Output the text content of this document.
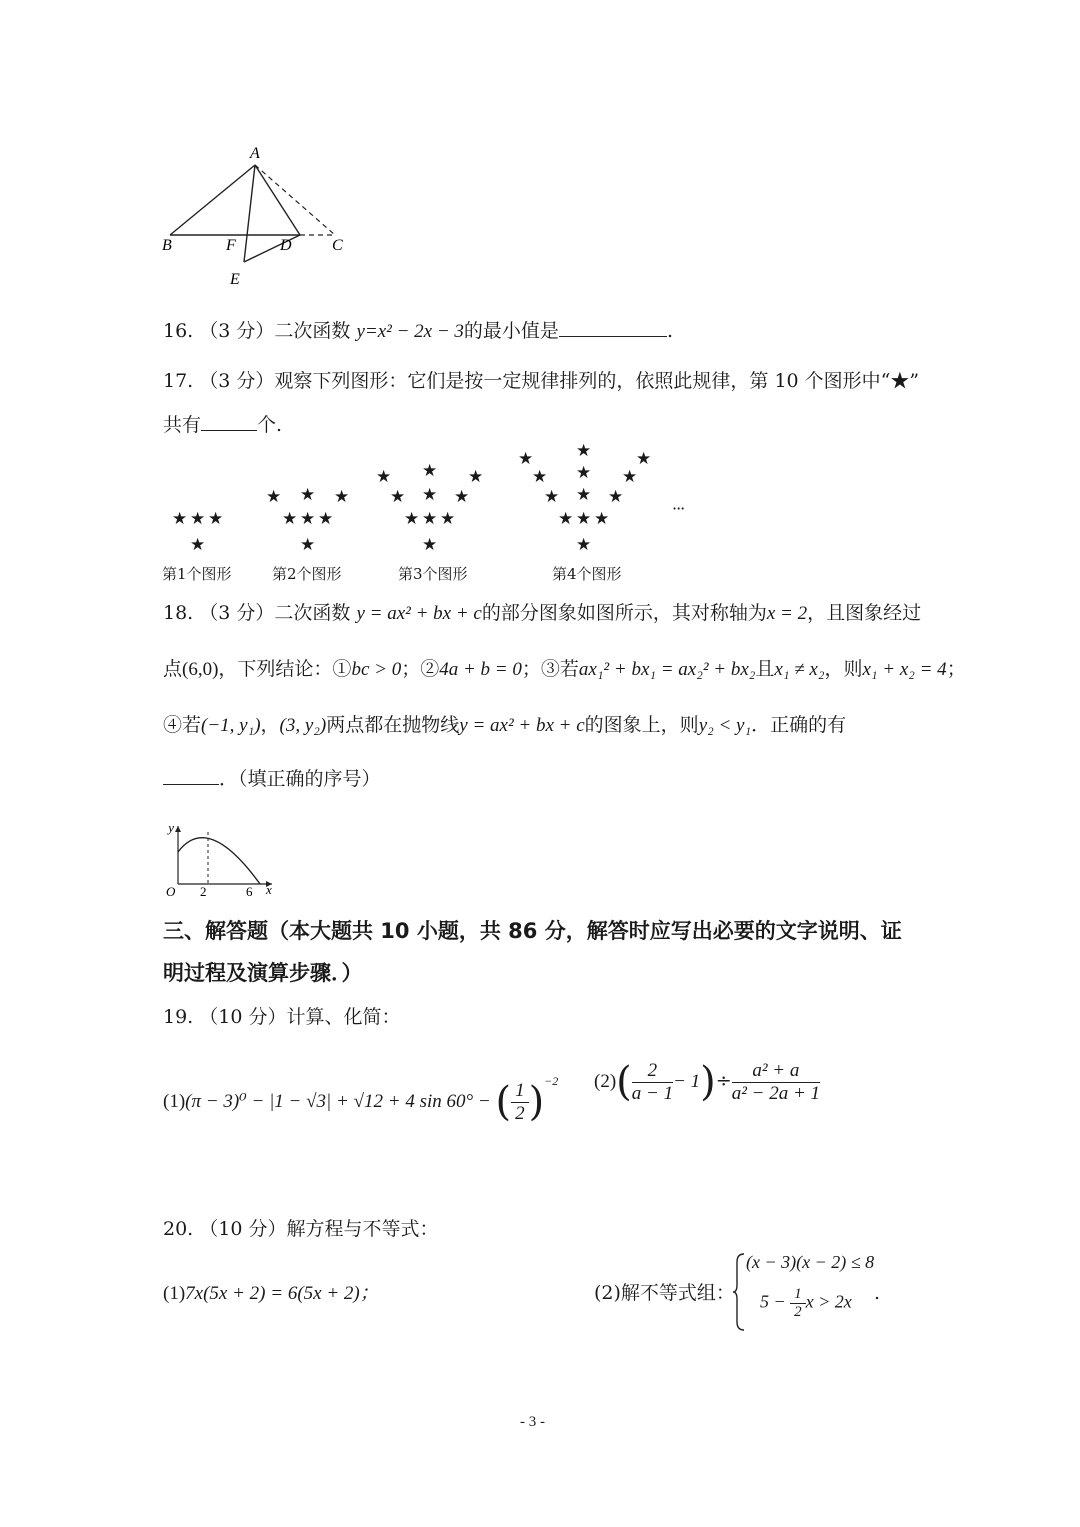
A
B	F	D	C
E
16. （3 分）二次函数 y=x² − 2x − 3的最小值是	.
17. （3 分）观察下列图形：它们是按一定规律排列的，依照此规律，第 10 个图形中“★”
共有	个.
★ ★ ★
★
★ ★ ★
★ ★ ★
★
★ ★ ★
★ ★ ★
★ ★ ★
★
★	★	★
★ ★ ★
★ ★ ★
★ ★ ★
★
···
第1个图形	第2个图形	第3个图形	第4个图形
18. （3 分）二次函数 y = ax² + bx + c的部分图象如图所示，其对称轴为x = 2，且图象经过
点(6,0)，下列结论：①bc > 0；②4a + b = 0；③若ax₁² + bx₁ = ax₂² + bx₂且x₁ ≠ x₂，则x₁ + x₂ = 4；
④若(−1, y₁)，(3, y₂)两点都在抛物线y = ax² + bx + c的图象上，则y₂ < y₁．正确的有
．（填正确的序号）
y
x
O 2	6
三、解答题（本大题共 10 小题，共 86 分，解答时应写出必要的文字说明、证
明过程及演算步骤．）
19. （10 分）计算、化简：
(1)(π − 3)⁰ − |1 − √3| + √12 + 4 sin 60° − ( $\frac{1}{2} )^{-2}$ $(2)( \frac{2}{a - 1} - 1)\div \frac{\text{a² + a}}{\text{a² − 2a + 1}}$
20. （10 分）解方程与不等式：
(1)7x(5x + 2) = 6(5x + 2)；	(2)解不等式组：
(x − 3)(x − 2) ≤ 8
$5 - \frac{1}{2}$ x > 2x .
- 3 -
